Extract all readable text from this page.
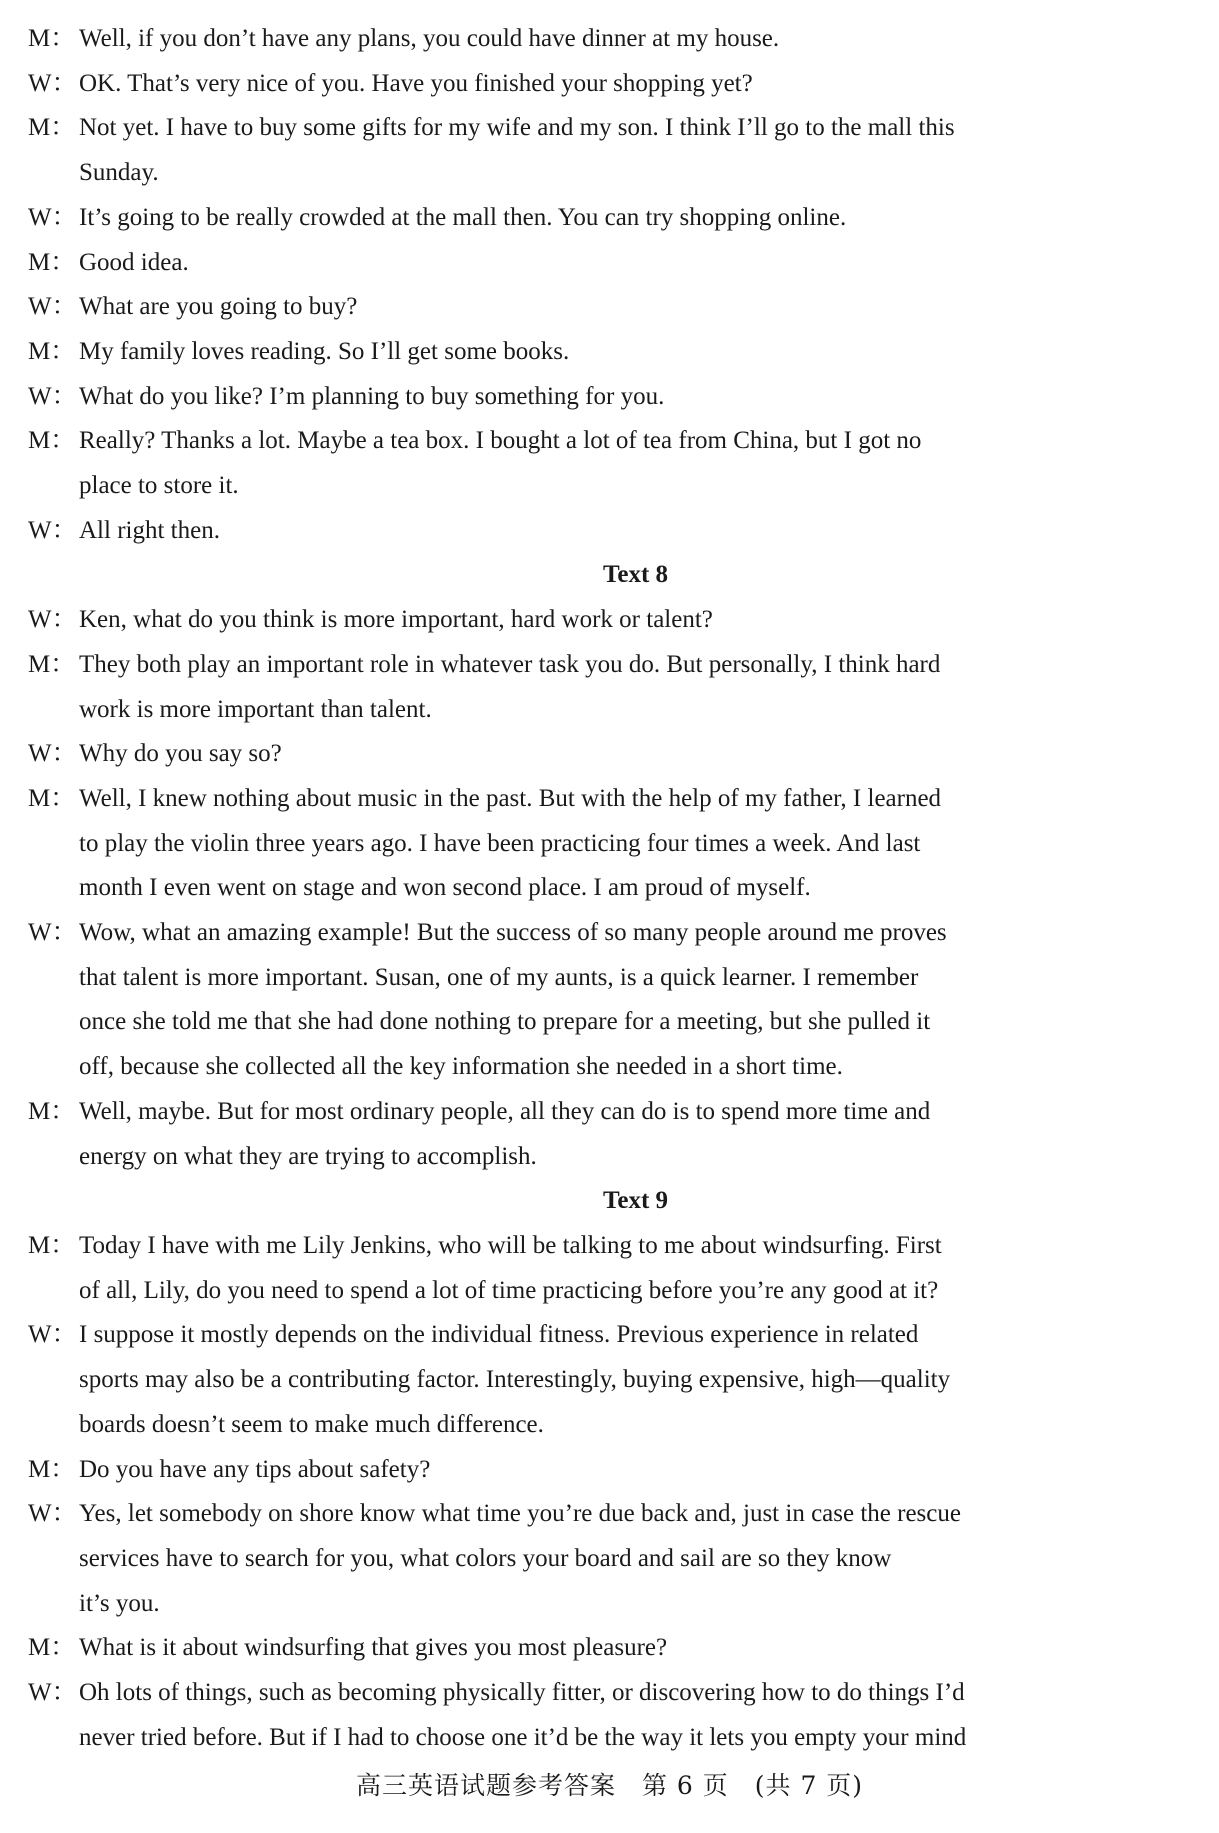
M： Well, if you don’t have any plans, you could have dinner at my house.
W： OK. That’s very nice of you. Have you finished your shopping yet?
M： Not yet. I have to buy some gifts for my wife and my son. I think I’ll go to the mall this
Sunday.
W： It’s going to be really crowded at the mall then. You can try shopping online.
M： Good idea.
W： What are you going to buy?
M： My family loves reading. So I’ll get some books.
W： What do you like? I’m planning to buy something for you.
M： Really? Thanks a lot. Maybe a tea box. I bought a lot of tea from China, but I got no
place to store it.
W： All right then.
Text 8
W： Ken, what do you think is more important, hard work or talent?
M： They both play an important role in whatever task you do. But personally, I think hard
work is more important than talent.
W： Why do you say so?
M： Well, I knew nothing about music in the past. But with the help of my father, I learned
to play the violin three years ago. I have been practicing four times a week. And last
month I even went on stage and won second place. I am proud of myself.
W： Wow, what an amazing example! But the success of so many people around me proves
that talent is more important. Susan, one of my aunts, is a quick learner. I remember
once she told me that she had done nothing to prepare for a meeting, but she pulled it
off, because she collected all the key information she needed in a short time.
M： Well, maybe. But for most ordinary people, all they can do is to spend more time and
energy on what they are trying to accomplish.
Text 9
M： Today I have with me Lily Jenkins, who will be talking to me about windsurfing. First
of all, Lily, do you need to spend a lot of time practicing before you’re any good at it?
W： I suppose it mostly depends on the individual fitness. Previous experience in related
sports may also be a contributing factor. Interestingly, buying expensive, high—quality
boards doesn’t seem to make much difference.
M： Do you have any tips about safety?
W： Yes, let somebody on shore know what time you’re due back and, just in case the rescue
services have to search for you, what colors your board and sail are so they know
it’s you.
M： What is it about windsurfing that gives you most pleasure?
W： Oh lots of things, such as becoming physically fitter, or discovering how to do things I’d
never tried before. But if I had to choose one it’d be the way it lets you empty your mind
高三英语试题参考答案　第 6 页　(共 7 页)
